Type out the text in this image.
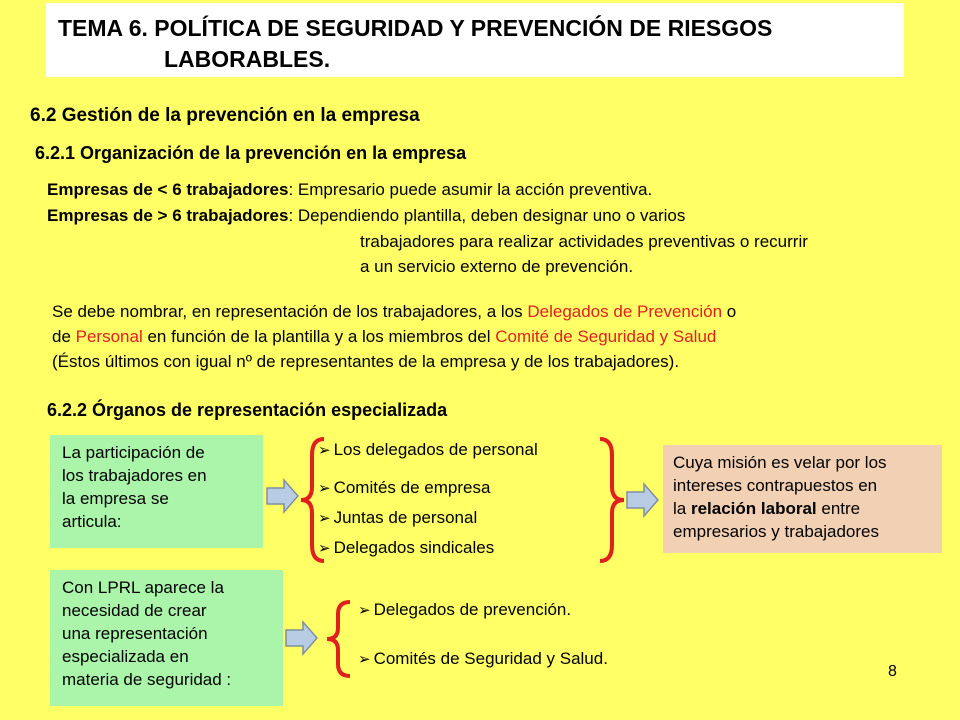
TEMA 6. POLÍTICA DE SEGURIDAD Y PREVENCIÓN DE RIESGOS
LABORABLES.
6.2 Gestión de la prevención en la empresa
6.2.1 Organización de la prevención en la empresa
Empresas de < 6 trabajadores: Empresario puede asumir la acción preventiva.
Empresas de > 6 trabajadores: Dependiendo plantilla, deben designar uno o varios
trabajadores para realizar actividades preventivas o recurrir
a un servicio externo de prevención.
Se debe nombrar, en representación de los trabajadores, a los Delegados de Prevención o
de Personal en función de la plantilla y a los miembros del Comité de Seguridad y Salud
(Éstos últimos con igual nº de representantes de la empresa y de los trabajadores).
6.2.2 Órganos de representación especializada
La participación de
los trabajadores en
la empresa se
articula:
➢ Los delegados de personal
➢ Comités de empresa
➢ Juntas de personal
➢ Delegados sindicales
Cuya misión es velar por los
intereses contrapuestos en
la relación laboral entre
empresarios y trabajadores
Con LPRL aparece la
necesidad de crear
una representación
especializada en
materia de seguridad :
➢ Delegados de prevención.
➢ Comités de Seguridad y Salud.
8
